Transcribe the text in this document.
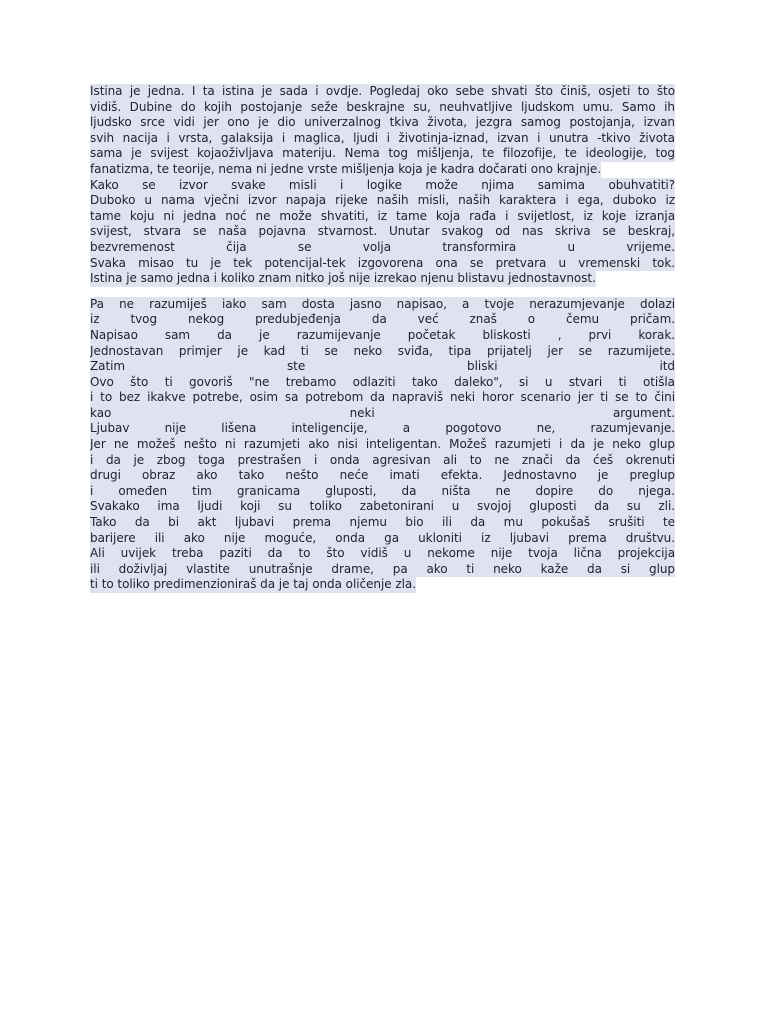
Istina je jedna. I ta istina je sada i ovdje. Pogledaj oko sebe shvati što činiš, osjeti to što
vidiš. Dubine do kojih postojanje seže beskrajne su, neuhvatljive ljudskom umu. Samo ih
ljudsko srce vidi jer ono je dio univerzalnog tkiva života, jezgra samog postojanja, izvan
svih nacija i vrsta, galaksija i maglica, ljudi i životinja-iznad, izvan i unutra -tkivo života
sama je svijest kojaoživljava materiju. Nema tog mišljenja, te filozofije, te ideologije, tog
fanatizma, te teorije, nema ni jedne vrste mišljenja koja je kadra dočarati ono krajnje.
Kako se izvor svake misli i logike može njima samima obuhvatiti?
Duboko u nama vječni izvor napaja rijeke naših misli, naših karaktera i ega, duboko iz
tame koju ni jedna noć ne može shvatiti, iz tame koja rađa i svijetlost, iz koje izranja
svijest, stvara se naša pojavna stvarnost. Unutar svakog od nas skriva se beskraj,
bezvremenost čija se volja transformira u vrijeme.
Svaka misao tu je tek potencijal-tek izgovorena ona se pretvara u vremenski tok.
Istina je samo jedna i koliko znam nitko još nije izrekao njenu blistavu jednostavnost.
Pa ne razumiješ iako sam dosta jasno napisao, a tvoje nerazumjevanje dolazi
iz tvog nekog predubjeđenja da već znaš o čemu pričam.
Napisao sam da je razumijevanje početak bliskosti , prvi korak.
Jednostavan primjer je kad ti se neko sviđa, tipa prijatelj jer se razumijete.
Zatim ste bliski itd
Ovo što ti govoriš "ne trebamo odlaziti tako daleko", si u stvari ti otišla
i to bez ikakve potrebe, osim sa potrebom da napraviš neki horor scenario jer ti se to čini
kao neki argument.
Ljubav nije lišena inteligencije, a pogotovo ne, razumjevanje.
Jer ne možeš nešto ni razumjeti ako nisi inteligentan. Možeš razumjeti i da je neko glup
i da je zbog toga prestrašen i onda agresivan ali to ne znači da ćeš okrenuti
drugi obraz ako tako nešto neće imati efekta. Jednostavno je preglup
i omeđen tim granicama gluposti, da ništa ne dopire do njega.
Svakako ima ljudi koji su toliko zabetonirani u svojoj gluposti da su zli.
Tako da bi akt ljubavi prema njemu bio ili da mu pokušaš srušiti te
barijere ili ako nije moguće, onda ga ukloniti iz ljubavi prema društvu.
Ali uvijek treba paziti da to što vidiš u nekome nije tvoja lična projekcija
ili doživljaj vlastite unutrašnje drame, pa ako ti neko kaže da si glup
ti to toliko predimenzioniraš da je taj onda oličenje zla.
